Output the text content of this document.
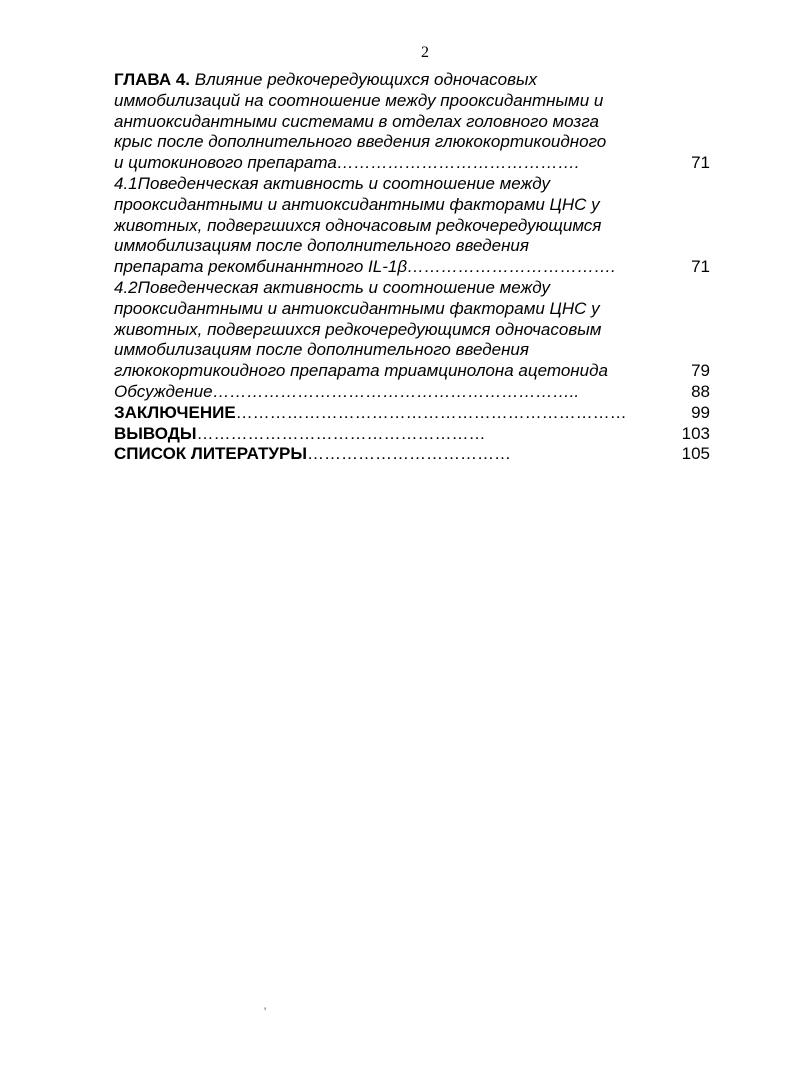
2
ГЛАВА 4. Влияние редкочередующихся одночасовых
иммобилизаций на соотношение между прооксидантными и
антиоксидантными системами в отделах головного мозга
крыс после дополнительного введения глюкокортикоидного
и цитокинового препарата…………………………………….	71
4.1Поведенческая активность и соотношение между
прооксидантными и антиоксидантными факторами ЦНС у
животных, подвергшихся одночасовым редкочередующимся
иммобилизациям после дополнительного введения
препарата рекомбинаннтного IL-1β……………………………….	71
4.2Поведенческая активность и соотношение между
прооксидантными и антиоксидантными факторами ЦНС у
животных, подвергшихся редкочередующимся одночасовым
иммобилизациям после дополнительного введения
глюкокортикоидного препарата триамцинолона ацетонида	79
Обсуждение………………………………………………………..	88
ЗАКЛЮЧЕНИЕ……………………………………………………………	99
ВЫВОДЫ……………………………………………	103
СПИСОК ЛИТЕРАТУРЫ………………………………	105
'
